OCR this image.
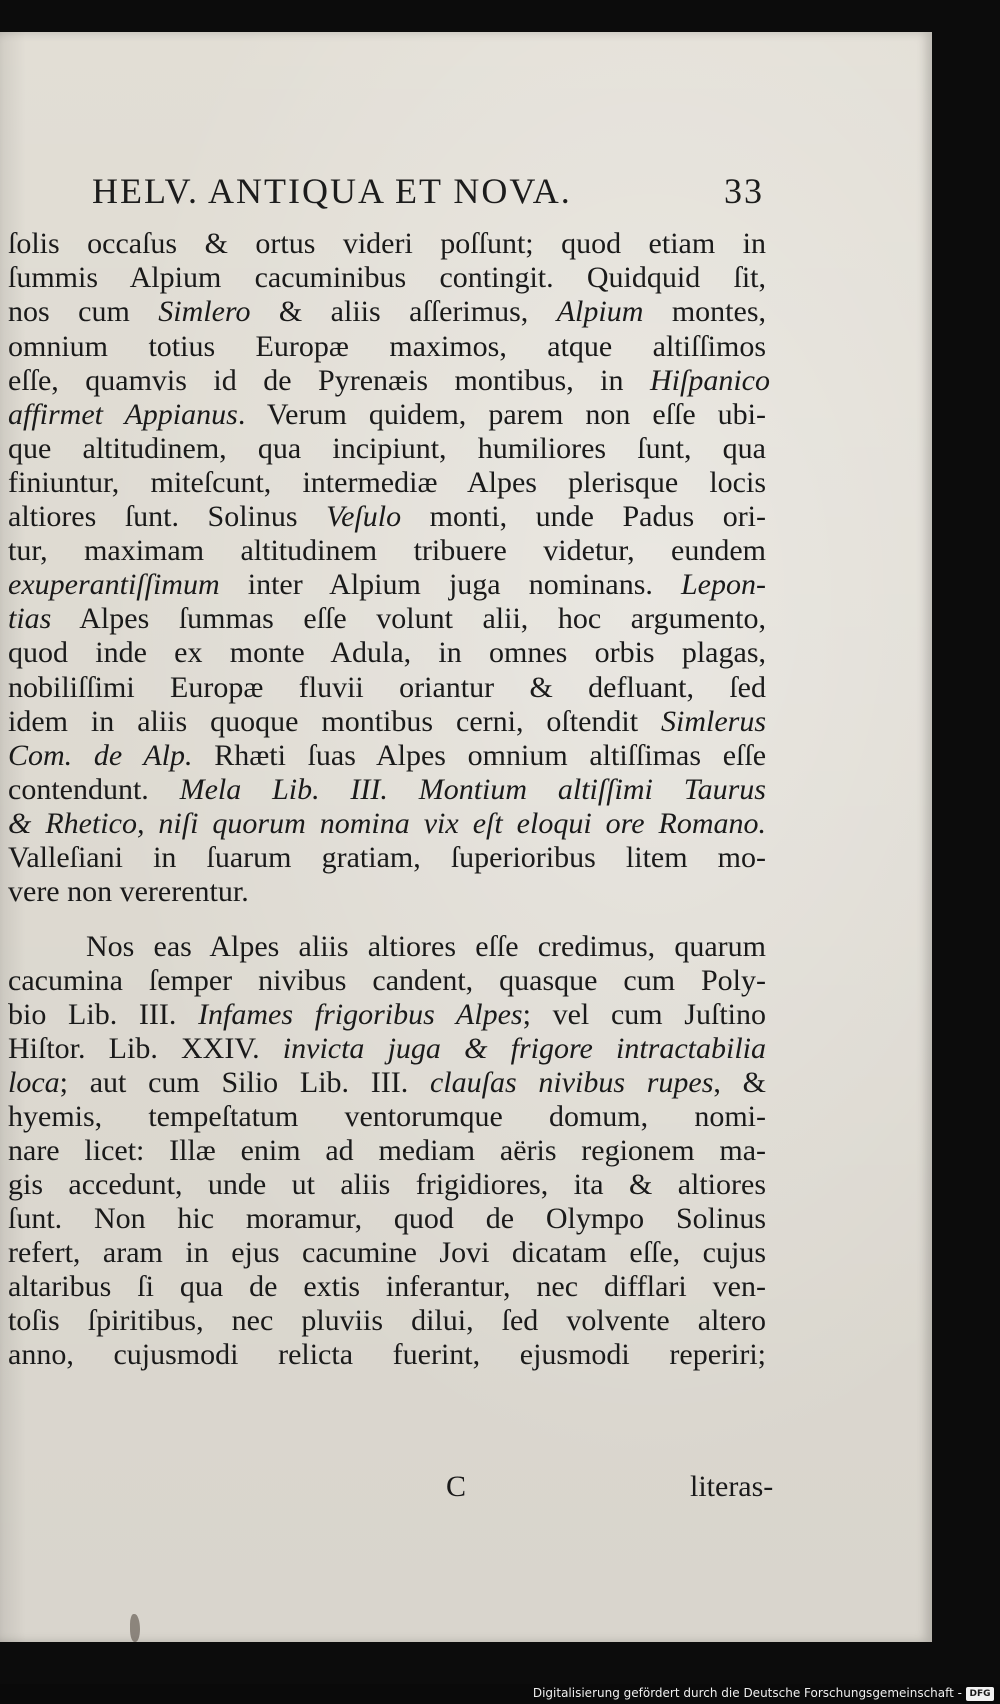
HELV. ANTIQUA ET NOVA.	33
ſolis occaſus & ortus videri poſſunt; quod etiam in
ſummis Alpium cacuminibus contingit. Quidquid ſit,
nos cum Simlero & aliis aſſerimus, Alpium montes,
omnium totius Europæ maximos, atque altiſſimos
eſſe, quamvis id de Pyrenæis montibus, in Hiſpanico
affirmet Appianus. Verum quidem, parem non eſſe ubi-
que altitudinem, qua incipiunt, humiliores ſunt, qua
finiuntur, miteſcunt, intermediæ Alpes plerisque locis
altiores ſunt. Solinus Veſulo monti, unde Padus ori-
tur, maximam altitudinem tribuere videtur, eundem
exuperantiſſimum inter Alpium juga nominans. Lepon-
tias Alpes ſummas eſſe volunt alii, hoc argumento,
quod inde ex monte Adula, in omnes orbis plagas,
nobiliſſimi Europæ fluvii oriantur & defluant, ſed
idem in aliis quoque montibus cerni, oſtendit Simlerus
Com. de Alp. Rhæti ſuas Alpes omnium altiſſimas eſſe
contendunt. Mela Lib. III. Montium altiſſimi Taurus
& Rhetico, niſi quorum nomina vix eſt eloqui ore Romano.
Valleſiani in ſuarum gratiam, ſuperioribus litem mo-
vere non vererentur.
Nos eas Alpes aliis altiores eſſe credimus, quarum
cacumina ſemper nivibus candent, quasque cum Poly-
bio Lib. III. Infames frigoribus Alpes; vel cum Juſtino
Hiſtor. Lib. XXIV. invicta juga & frigore intractabilia
loca; aut cum Silio Lib. III. clauſas nivibus rupes, &
hyemis, tempeſtatum ventorumque domum, nomi-
nare licet: Illæ enim ad mediam aëris regionem ma-
gis accedunt, unde ut aliis frigidiores, ita & altiores
ſunt. Non hic moramur, quod de Olympo Solinus
refert, aram in ejus cacumine Jovi dicatam eſſe, cujus
altaribus ſi qua de extis inferantur, nec difflari ven-
toſis ſpiritibus, nec pluviis dilui, ſed volvente altero
anno, cujusmodi relicta fuerint, ejusmodi reperiri;
C	literas-
Digitalisierung gefördert durch die Deutsche Forschungsgemeinschaft - DFG
